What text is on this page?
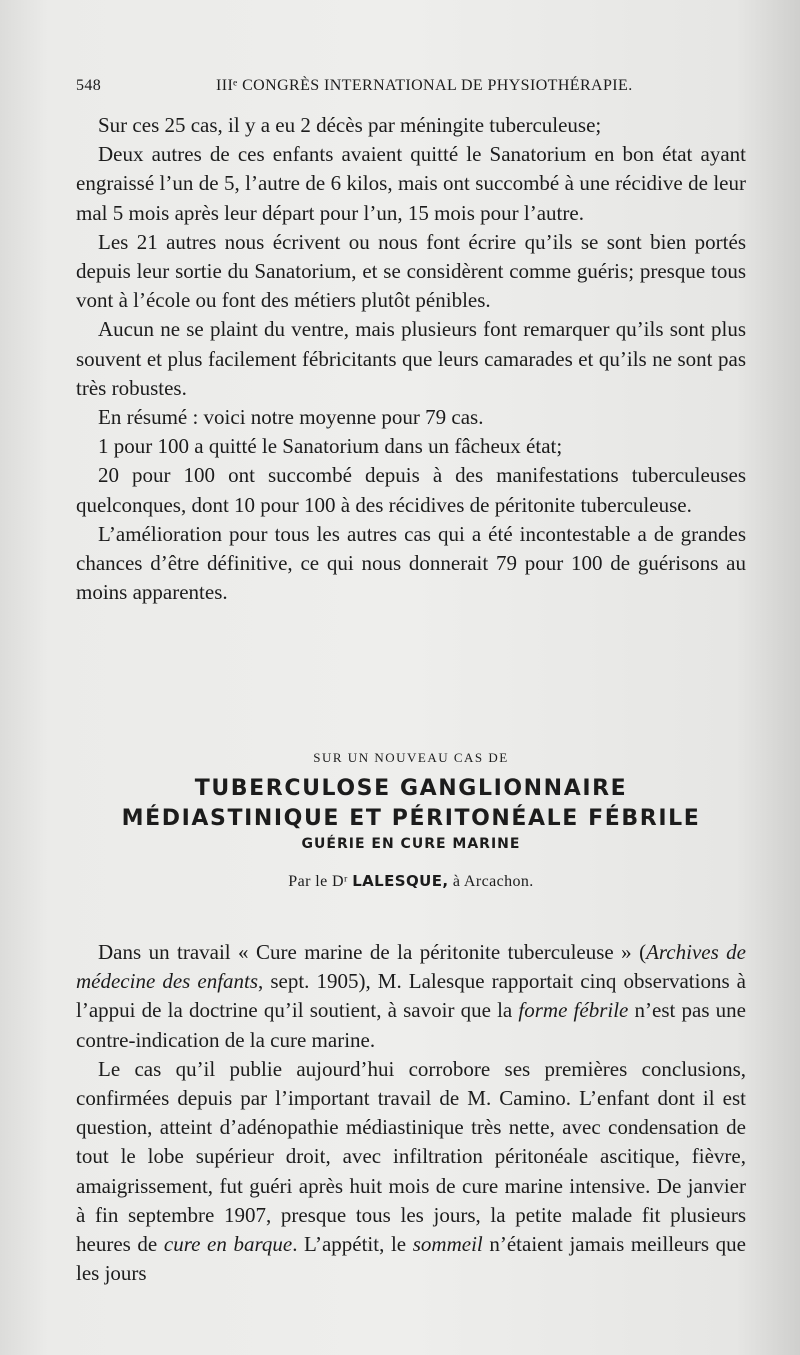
548	IIIᵉ CONGRÈS INTERNATIONAL DE PHYSIOTHÉRAPIE.

Sur ces 25 cas, il y a eu 2 décès par méningite tuberculeuse;

Deux autres de ces enfants avaient quitté le Sanatorium en bon état ayant engraissé l’un de 5, l’autre de 6 kilos, mais ont succombé à une récidive de leur mal 5 mois après leur départ pour l’un, 15 mois pour l’autre.

Les 21 autres nous écrivent ou nous font écrire qu’ils se sont bien portés depuis leur sortie du Sanatorium, et se considèrent comme guéris; presque tous vont à l’école ou font des métiers plutôt pénibles.

Aucun ne se plaint du ventre, mais plusieurs font remarquer qu’ils sont plus souvent et plus facilement fébricitants que leurs camarades et qu’ils ne sont pas très robustes.

En résumé : voici notre moyenne pour 79 cas.

1 pour 100 a quitté le Sanatorium dans un fâcheux état;

20 pour 100 ont succombé depuis à des manifestations tuberculeuses quelconques, dont 10 pour 100 à des récidives de péritonite tuberculeuse.

L’amélioration pour tous les autres cas qui a été incontestable a de grandes chances d’être définitive, ce qui nous donnerait 79 pour 100 de guérisons au moins apparentes.

SUR UN NOUVEAU CAS DE
TUBERCULOSE GANGLIONNAIRE
MÉDIASTINIQUE ET PÉRITONÉALE FÉBRILE
GUÉRIE EN CURE MARINE
Par le Dʳ LALESQUE, à Arcachon.

Dans un travail « Cure marine de la péritonite tuberculeuse » (Archives de médecine des enfants, sept. 1905), M. Lalesque rapportait cinq observations à l’appui de la doctrine qu’il soutient, à savoir que la forme fébrile n’est pas une contre-indication de la cure marine.

Le cas qu’il publie aujourd’hui corrobore ses premières conclusions, confirmées depuis par l’important travail de M. Camino. L’enfant dont il est question, atteint d’adénopathie médiastinique très nette, avec condensation de tout le lobe supérieur droit, avec infiltration péritonéale ascitique, fièvre, amaigrissement, fut guéri après huit mois de cure marine intensive. De janvier à fin septembre 1907, presque tous les jours, la petite malade fit plusieurs heures de cure en barque. L’appétit, le sommeil n’étaient jamais meilleurs que les jours
